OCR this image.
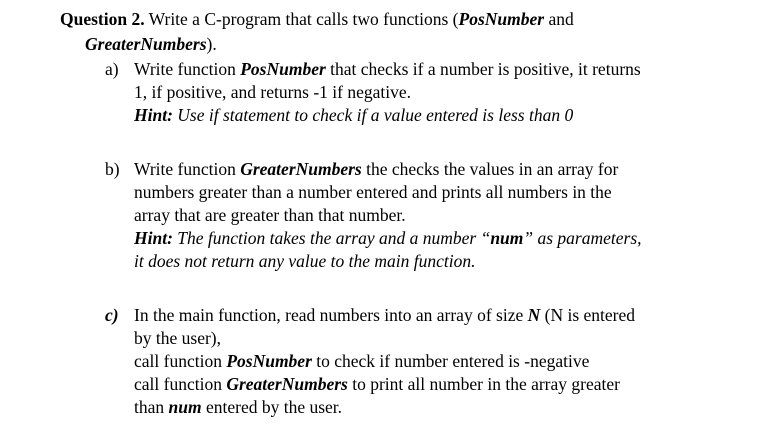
Question 2. Write a C-program that calls two functions (PosNumber and
GreaterNumbers).
a) Write function PosNumber that checks if a number is positive, it returns
1, if positive, and returns -1 if negative.
Hint: Use if statement to check if a value entered is less than 0
b) Write function GreaterNumbers the checks the values in an array for
numbers greater than a number entered and prints all numbers in the
array that are greater than that number.
Hint: The function takes the array and a number “num” as parameters,
it does not return any value to the main function.
c) In the main function, read numbers into an array of size N (N is entered
by the user),
call function PosNumber to check if number entered is -negative
call function GreaterNumbers to print all number in the array greater
than num entered by the user.
